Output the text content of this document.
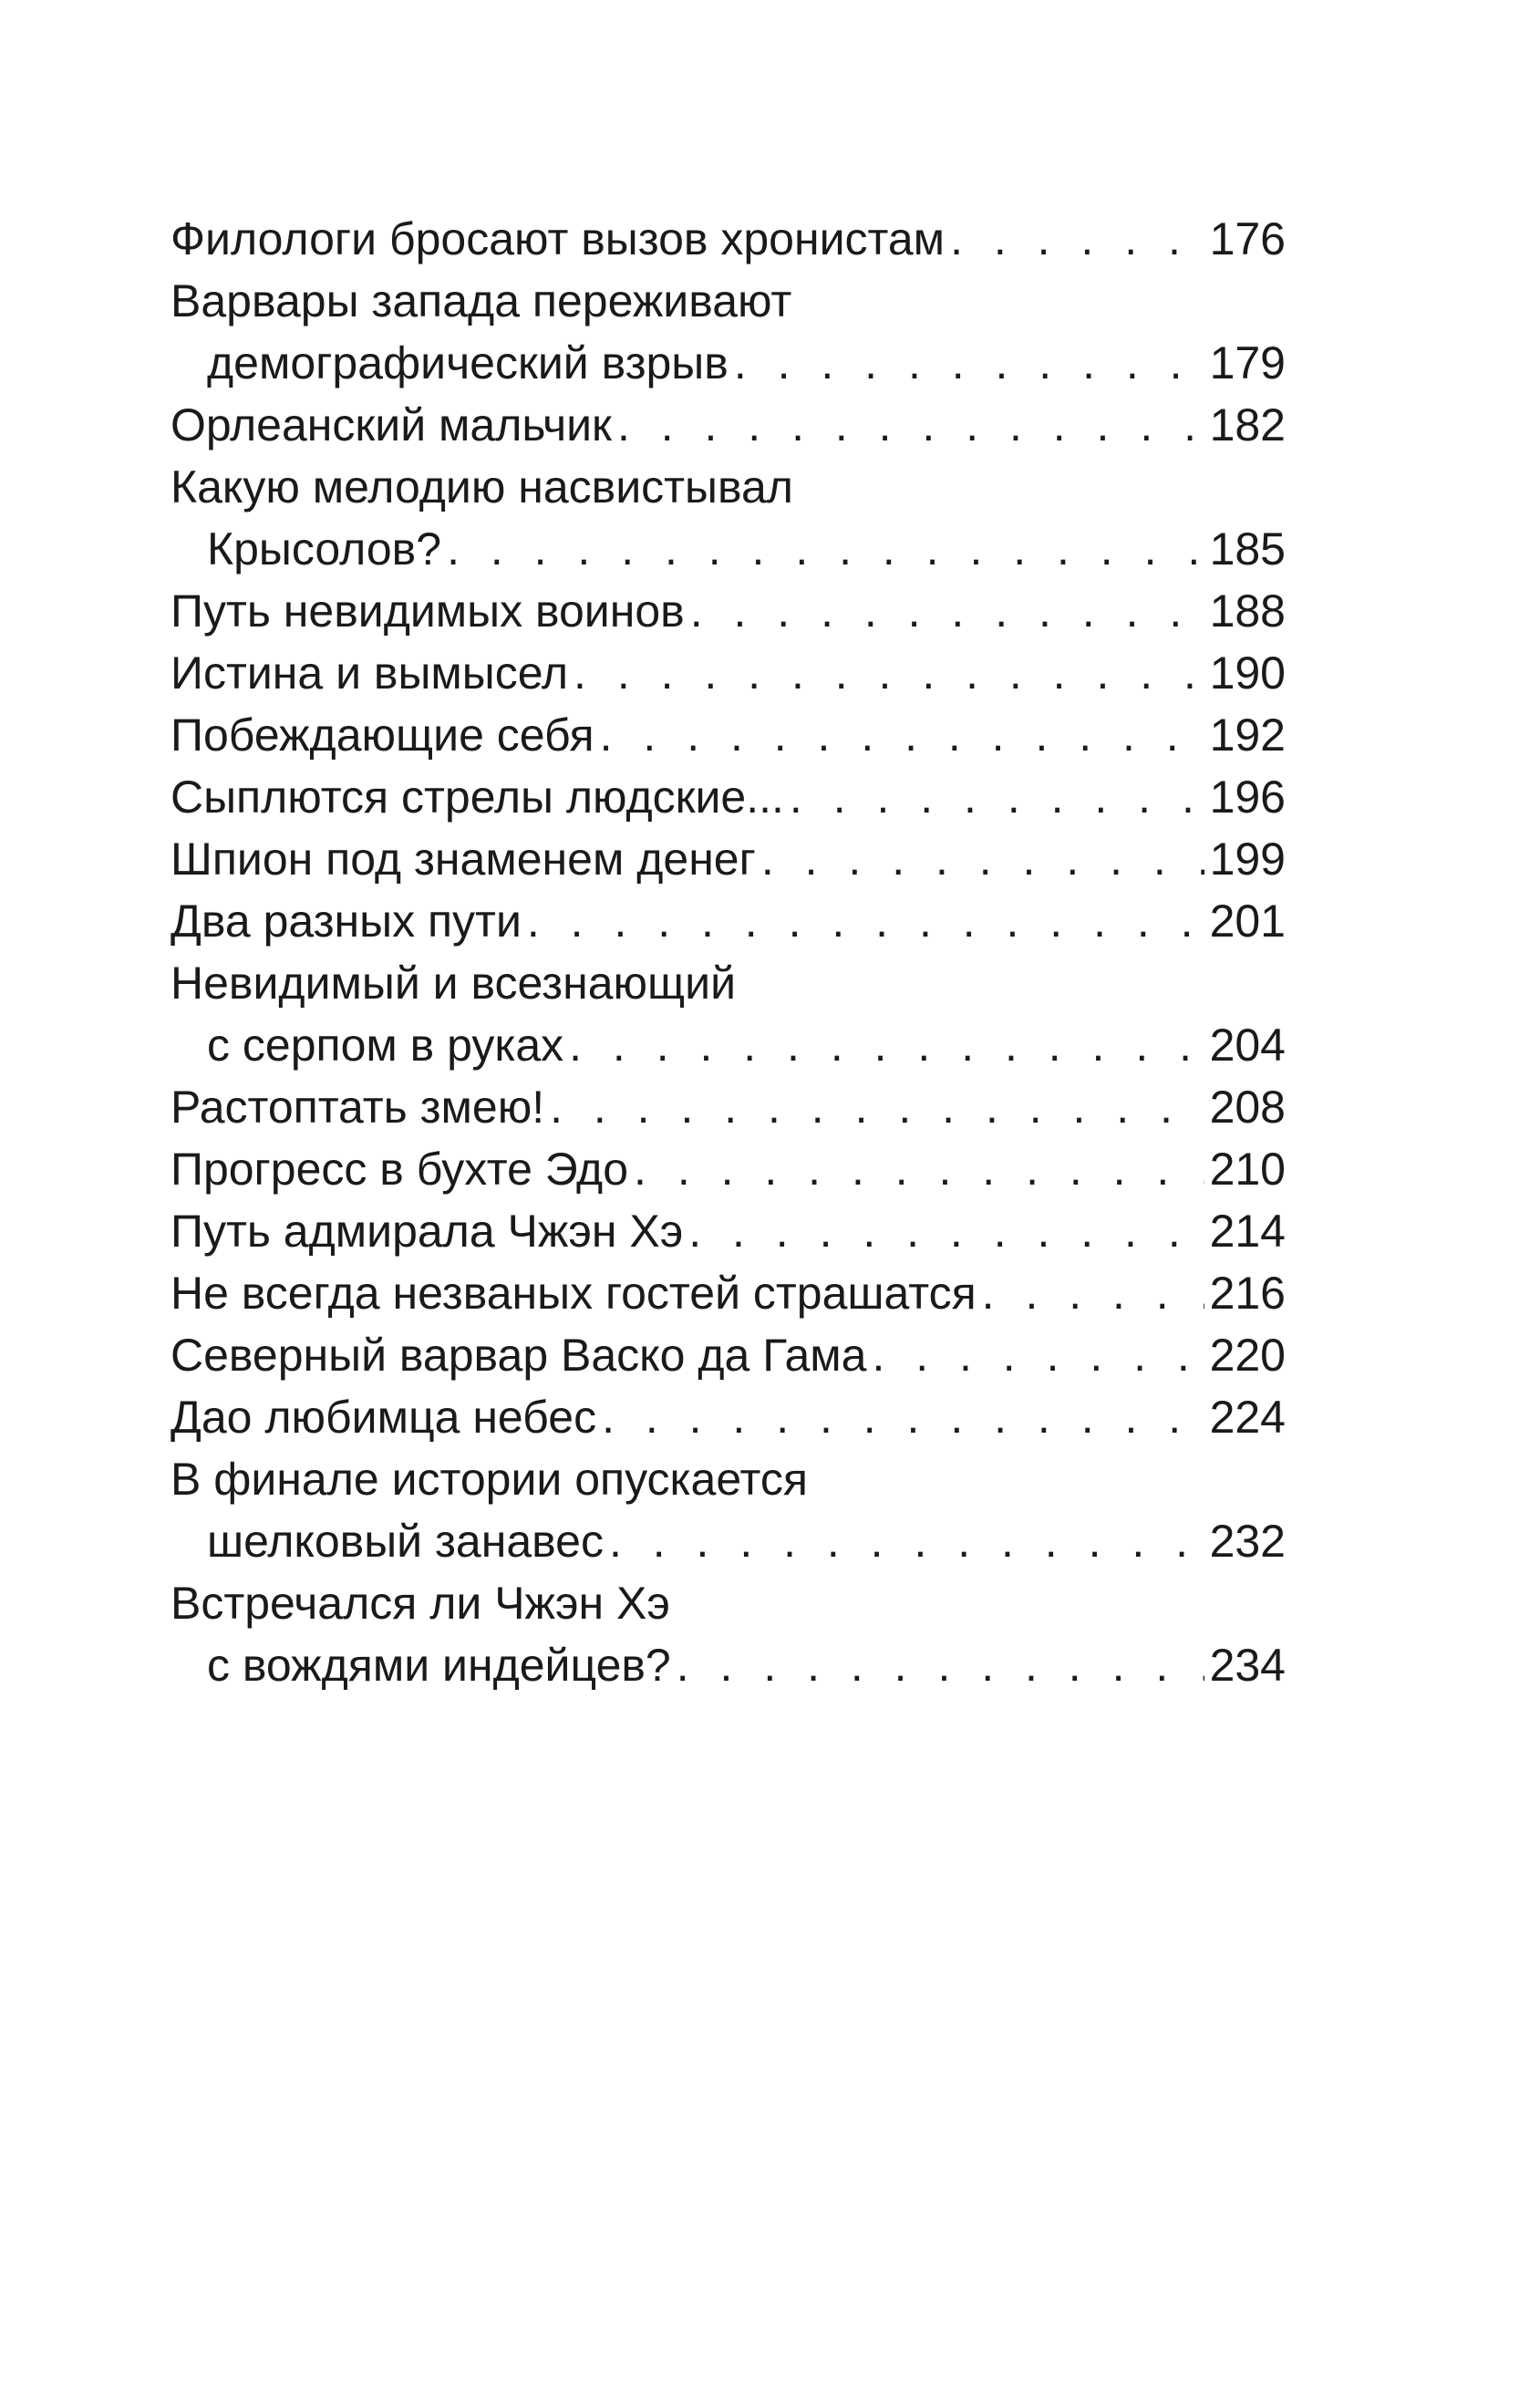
Филологи бросают вызов хронистам . . .	176
Варвары запада переживают
демографический взрыв . . .	179
Орлеанский мальчик . . .	182
Какую мелодию насвистывал
Крысолов? . . .	185
Путь невидимых воинов . . .	188
Истина и вымысел . . .	190
Побеждающие себя . . .	192
Сыплются стрелы людские... . . .	196
Шпион под знаменем денег . . .	199
Два разных пути . . .	201
Невидимый и всезнающий
с серпом в руках . . .	204
Растоптать змею! . . .	208
Прогресс в бухте Эдо . . .	210
Путь адмирала Чжэн Хэ . . .	214
Не всегда незваных гостей страшатся . . .	216
Северный варвар Васко да Гама . . .	220
Дао любимца небес . . .	224
В финале истории опускается
шелковый занавес . . .	232
Встречался ли Чжэн Хэ
с вождями индейцев? . . .	234
